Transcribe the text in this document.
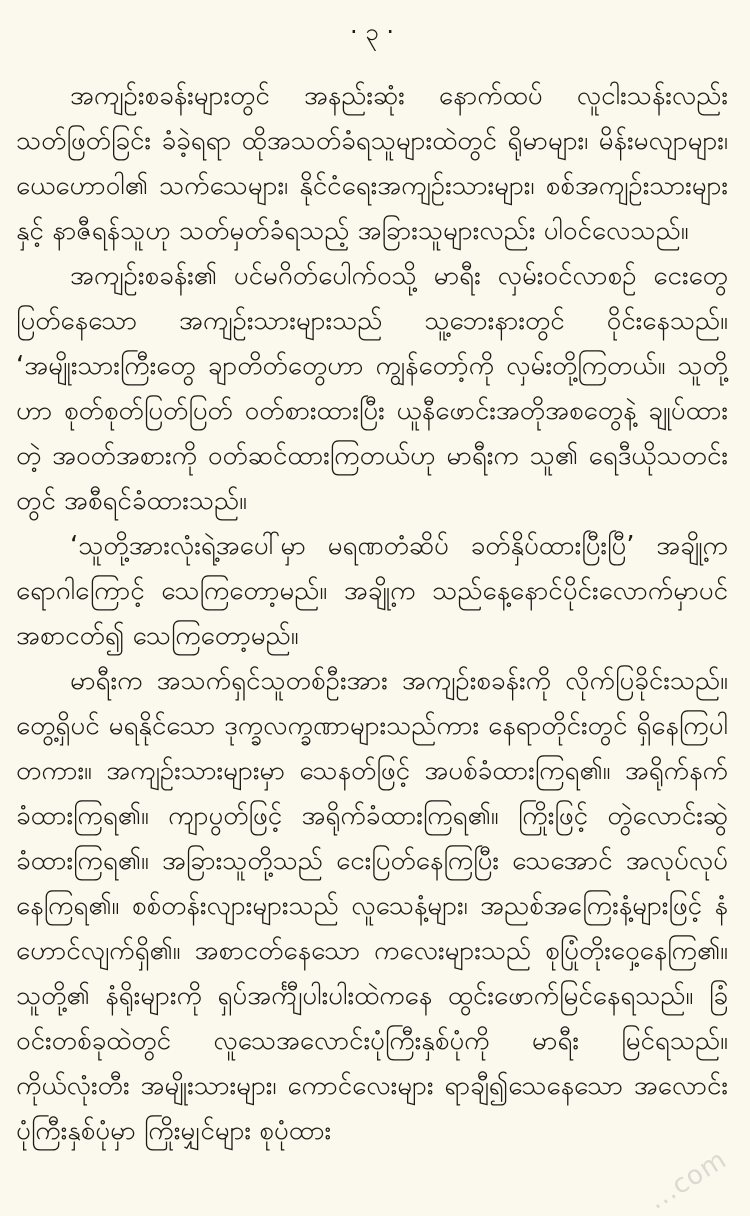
· ၃ ·

အကျဉ်းစခန်းများတွင် အနည်းဆုံး နောက်ထပ် လူငါးသန်းလည်း သတ်ဖြတ်ခြင်း ခံခဲ့ရရာ ထိုအသတ်ခံရသူများထဲတွင် ရိုမာများ၊ မိန်းမလျာများ၊ ယေဟောဝါ၏ သက်သေများ၊ နိုင်ငံရေးအကျဉ်းသားများ၊ စစ်အကျဉ်းသားများနှင့် နာဇီရန်သူဟု သတ်မှတ်ခံရသည့် အခြားသူများလည်း ပါဝင်လေသည်။

အကျဉ်းစခန်း၏ ပင်မဂိတ်ပေါက်ဝသို့ မာရီး လှမ်းဝင်လာစဉ် ငေးတွေပြတ်နေသော အကျဉ်းသားများသည် သူ့ဘေးနားတွင် ဝိုင်းနေသည်။ ‘အမျိုးသားကြီးတွေ ချာတိတ်တွေဟာ ကျွန်တော့်ကို လှမ်းတို့ကြတယ်။ သူတို့ဟာ စုတ်စုတ်ပြတ်ပြတ် ဝတ်စားထားပြီး ယူနီဖောင်းအတိုအစတွေနဲ့ ချုပ်ထားတဲ့ အဝတ်အစားကို ဝတ်ဆင်ထားကြတယ်ဟု မာရီးက သူ၏ ရေဒီယိုသတင်းတွင် အစီရင်ခံထားသည်။

‘သူတို့အားလုံးရဲ့အပေါ်မှာ မရဏတံဆိပ် ခတ်နှိပ်ထားပြီးပြီ’ အချို့က ရောဂါကြောင့် သေကြတော့မည်။ အချို့က သည်နေ့နောင်ပိုင်းလောက်မှာပင် အစာငတ်၍ သေကြတော့မည်။

မာရီးက အသက်ရှင်သူတစ်ဦးအား အကျဉ်းစခန်းကို လိုက်ပြခိုင်းသည်။ တွေ့ရှိပင် မရနိုင်သော ဒုက္ခလက္ခဏာများသည်ကား နေရာတိုင်းတွင် ရှိနေကြပါတကား။ အကျဉ်းသားများမှာ သေနတ်ဖြင့် အပစ်ခံထားကြရ၏။ အရိုက်နက်ခံထားကြရ၏။ ကျာပွတ်ဖြင့် အရိုက်ခံထားကြရ၏။ ကြိုးဖြင့် တွဲလောင်းဆွဲခံထားကြရ၏။ အခြားသူတို့သည် ငေးပြတ်နေကြပြီး သေအောင် အလုပ်လုပ်နေကြရ၏။ စစ်တန်းလျားများသည် လူသေနံ့များ၊ အညစ်အကြေးနံ့များဖြင့် နံဟောင်လျက်ရှိ၏။ အစာငတ်နေသော ကလေးများသည် စုပြုံတိုးဝှေ့နေကြ၏။ သူတို့၏ နံရိုးများကို ရှပ်အင်္ကျီပါးပါးထဲကနေ ထွင်းဖောက်မြင်နေရသည်။ ခြံဝင်းတစ်ခုထဲတွင် လူသေအလောင်းပုံကြီးနှစ်ပုံကို မာရီး မြင်ရသည်။ ကိုယ်လုံးတီး အမျိုးသားများ၊ ကောင်လေးများ ရာချီ၍သေနေသော အလောင်းပုံကြီးနှစ်ပုံမှာ ကြိုးမျှင်များ စုပုံထား

...com
